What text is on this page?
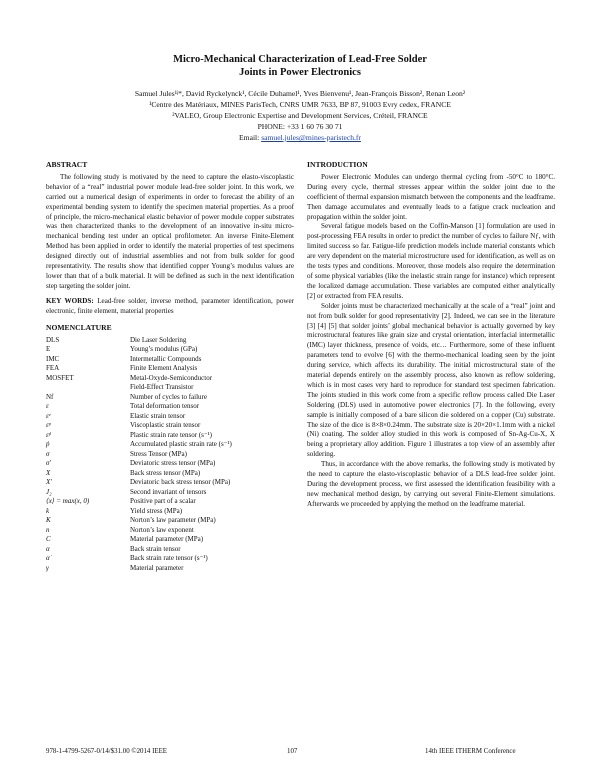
Micro-Mechanical Characterization of Lead-Free Solder
Joints in Power Electronics
Samuel Jules¹ʲ*, David Ryckelynck¹, Cécile Duhamel¹, Yves Bienvenu¹, Jean-François Bisson², Renan Leon²
¹Centre des Matériaux, MINES ParisTech, CNRS UMR 7633, BP 87, 91003 Evry cedex, FRANCE
²VALEO, Group Electronic Expertise and Development Services, Créteil, FRANCE
PHONE: +33 1 60 76 30 71
Email: samuel.jules@mines-paristech.fr
ABSTRACT

The following study is motivated by the need to capture the elasto-viscoplastic behavior of a “real” industrial power module lead-free solder joint. In this work, we carried out a numerical design of experiments in order to forecast the ability of an experimental bending system to identify the specimen material properties. As a proof of principle, the micro-mechanical elastic behavior of power module copper substrates was then characterized thanks to the development of an innovative in-situ micro-mechanical bending test under an optical profilometer. An inverse Finite-Element Method has been applied in order to identify the material properties of test specimens designed directly out of industrial assemblies and not from bulk solder for good representativity. The results show that identified copper Young’s modulus values are lower than that of a bulk material. It will be defined as such in the next identification step targeting the solder joint.

KEY WORDS: Lead-free solder, inverse method, parameter identification, power electronic, finite element, material properties

NOMENCLATURE
DLS	Die Laser Soldering
E	Young’s modulus (GPa)
IMC	Intermetallic Compounds
FEA	Finite Element Analysis
MOSFET	Metal-Oxyde-Semiconductor
	Field-Effect Transistor
Nf	Number of cycles to failure
ε	Total deformation tensor
εᵉ	Elastic strain tensor
εᵖ	Viscoplastic strain tensor
ε̇ᵖ	Plastic strain rate tensor (s⁻¹)
ṗ	Accumulated plastic strain rate (s⁻¹)
σ	Stress Tensor (MPa)
σ′	Deviatoric stress tensor (MPa)
X	Back stress tensor (MPa)
X′	Deviatoric back stress tensor (MPa)
J₂	Second invariant of tensors
⟨x⟩ = max(x, 0)	Positive part of a scalar
k	Yield stress (MPa)
K	Norton’s law parameter (MPa)
n	Norton’s law exponent
C	Material parameter (MPa)
α	Back strain tensor
α̇	Back strain rate tensor (s⁻¹)
γ	Material parameter
INTRODUCTION

Power Electronic Modules can undergo thermal cycling from -50°C to 180°C. During every cycle, thermal stresses appear within the solder joint due to the coefficient of thermal expansion mismatch between the components and the leadframe. Then damage accumulates and eventually leads to a fatigue crack nucleation and propagation within the solder joint.

Several fatigue models based on the Coffin-Manson [1] formulation are used in post-processing FEA results in order to predict the number of cycles to failure Nƒ, with limited success so far. Fatigue-life prediction models include material constants which are very dependent on the material microstructure used for identification, as well as on the tests types and conditions. Moreover, those models also require the determination of some physical variables (like the inelastic strain range for instance) which represent the localized damage accumulation. These variables are computed either analytically [2] or extracted from FEA results.

Solder joints must be characterized mechanically at the scale of a “real” joint and not from bulk solder for good representativity [2]. Indeed, we can see in the literature [3] [4] [5] that solder joints’ global mechanical behavior is actually governed by key microstructural features like grain size and crystal orientation, interfacial intermetallic (IMC) layer thickness, presence of voids, etc… Furthermore, some of these influent parameters tend to evolve [6] with the thermo-mechanical loading seen by the joint during service, which affects its durability. The initial microstructural state of the material depends entirely on the assembly process, also known as reflow soldering, which is in most cases very hard to reproduce for standard test specimen fabrication. The joints studied in this work come from a specific reflow process called Die Laser Soldering (DLS) used in automotive power electronics [7]. In the following, every sample is initially composed of a bare silicon die soldered on a copper (Cu) substrate. The size of the dice is 8×8×0.24mm. The substrate size is 20×20×1.1mm with a nickel (Ni) coating. The solder alloy studied in this work is composed of Sn-Ag-Cu-X, X being a proprietary alloy addition. Figure 1 illustrates a top view of an assembly after soldering.

Thus, in accordance with the above remarks, the following study is motivated by the need to capture the elasto-viscoplastic behavior of a DLS lead-free solder joint. During the development process, we first assessed the identification feasibility with a new mechanical method design, by carrying out several Finite-Element simulations. Afterwards we proceeded by applying the method on the leadframe material.

978-1-4799-5267-0/14/$31.00 ©2014 IEEE	107	14th IEEE ITHERM Conference
